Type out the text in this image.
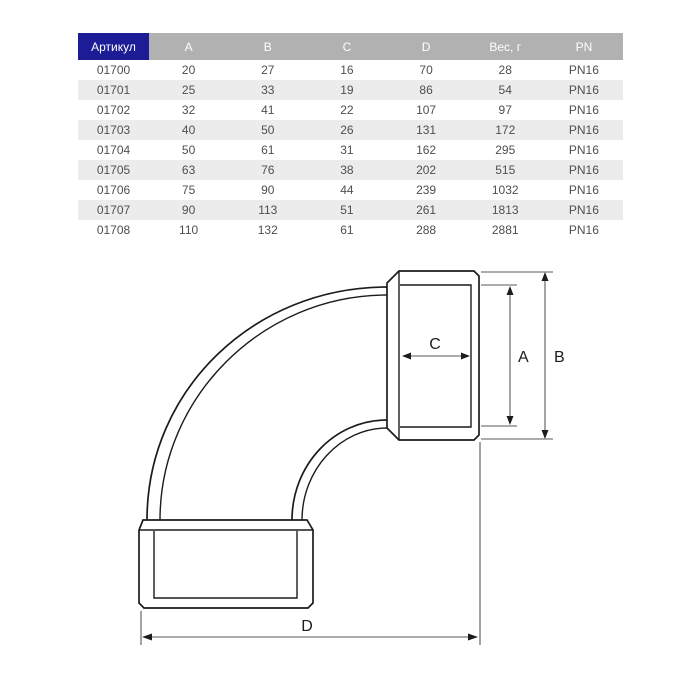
Артикул	A	B	C	D	Вес, г	PN
01700	20	27	16	70	28	PN16
01701	25	33	19	86	54	PN16
01702	32	41	22	107	97	PN16
01703	40	50	26	131	172	PN16
01704	50	61	31	162	295	PN16
01705	63	76	38	202	515	PN16
01706	75	90	44	239	1032	PN16
01707	90	113	51	261	1813	PN16
01708	110	132	61	288	2881	PN16
C
A B
D
